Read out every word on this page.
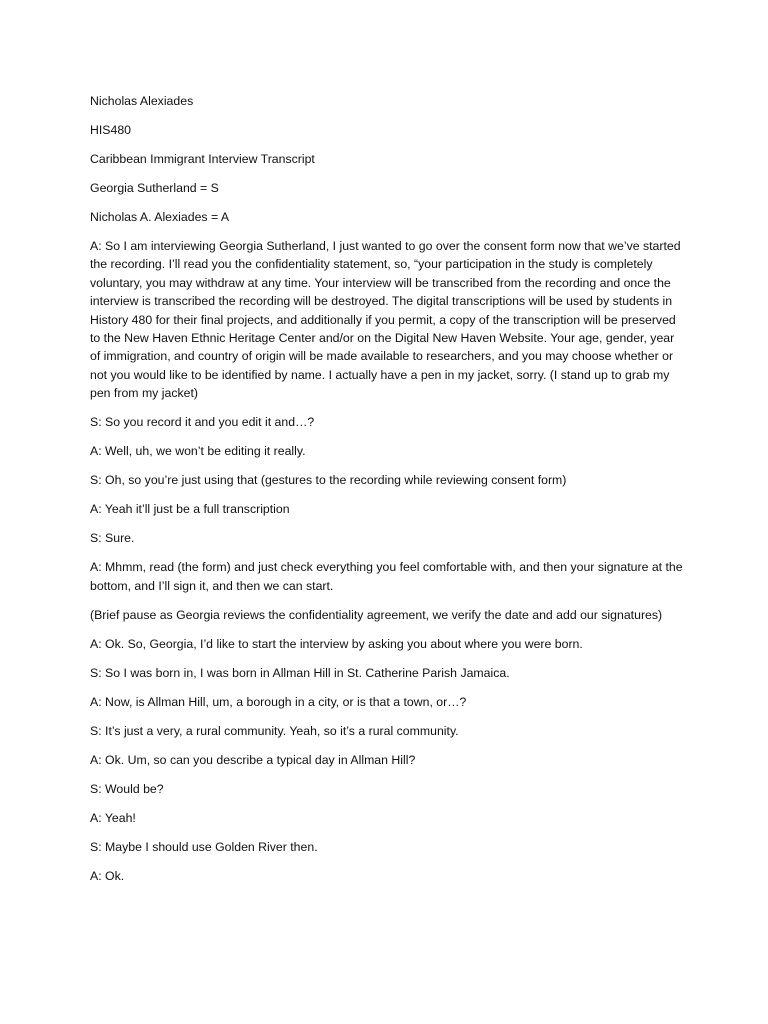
Nicholas Alexiades

HIS480

Caribbean Immigrant Interview Transcript

Georgia Sutherland = S

Nicholas A. Alexiades = A

A: So I am interviewing Georgia Sutherland, I just wanted to go over the consent form now that we’ve started the recording. I’ll read you the confidentiality statement, so, “your participation in the study is completely voluntary, you may withdraw at any time. Your interview will be transcribed from the recording and once the interview is transcribed the recording will be destroyed. The digital transcriptions will be used by students in History 480 for their final projects, and additionally if you permit, a copy of the transcription will be preserved to the New Haven Ethnic Heritage Center and/or on the Digital New Haven Website. Your age, gender, year of immigration, and country of origin will be made available to researchers, and you may choose whether or not you would like to be identified by name. I actually have a pen in my jacket, sorry. (I stand up to grab my pen from my jacket)

S: So you record it and you edit it and…?

A: Well, uh, we won’t be editing it really.

S: Oh, so you’re just using that (gestures to the recording while reviewing consent form)

A: Yeah it’ll just be a full transcription

S: Sure.

A: Mhmm, read (the form) and just check everything you feel comfortable with, and then your signature at the bottom, and I’ll sign it, and then we can start.

(Brief pause as Georgia reviews the confidentiality agreement, we verify the date and add our signatures)

A: Ok. So, Georgia, I’d like to start the interview by asking you about where you were born.

S: So I was born in, I was born in Allman Hill in St. Catherine Parish Jamaica.

A: Now, is Allman Hill, um, a borough in a city, or is that a town, or…?

S: It’s just a very, a rural community. Yeah, so it’s a rural community.

A: Ok. Um, so can you describe a typical day in Allman Hill?

S: Would be?

A: Yeah!

S: Maybe I should use Golden River then.

A: Ok.
